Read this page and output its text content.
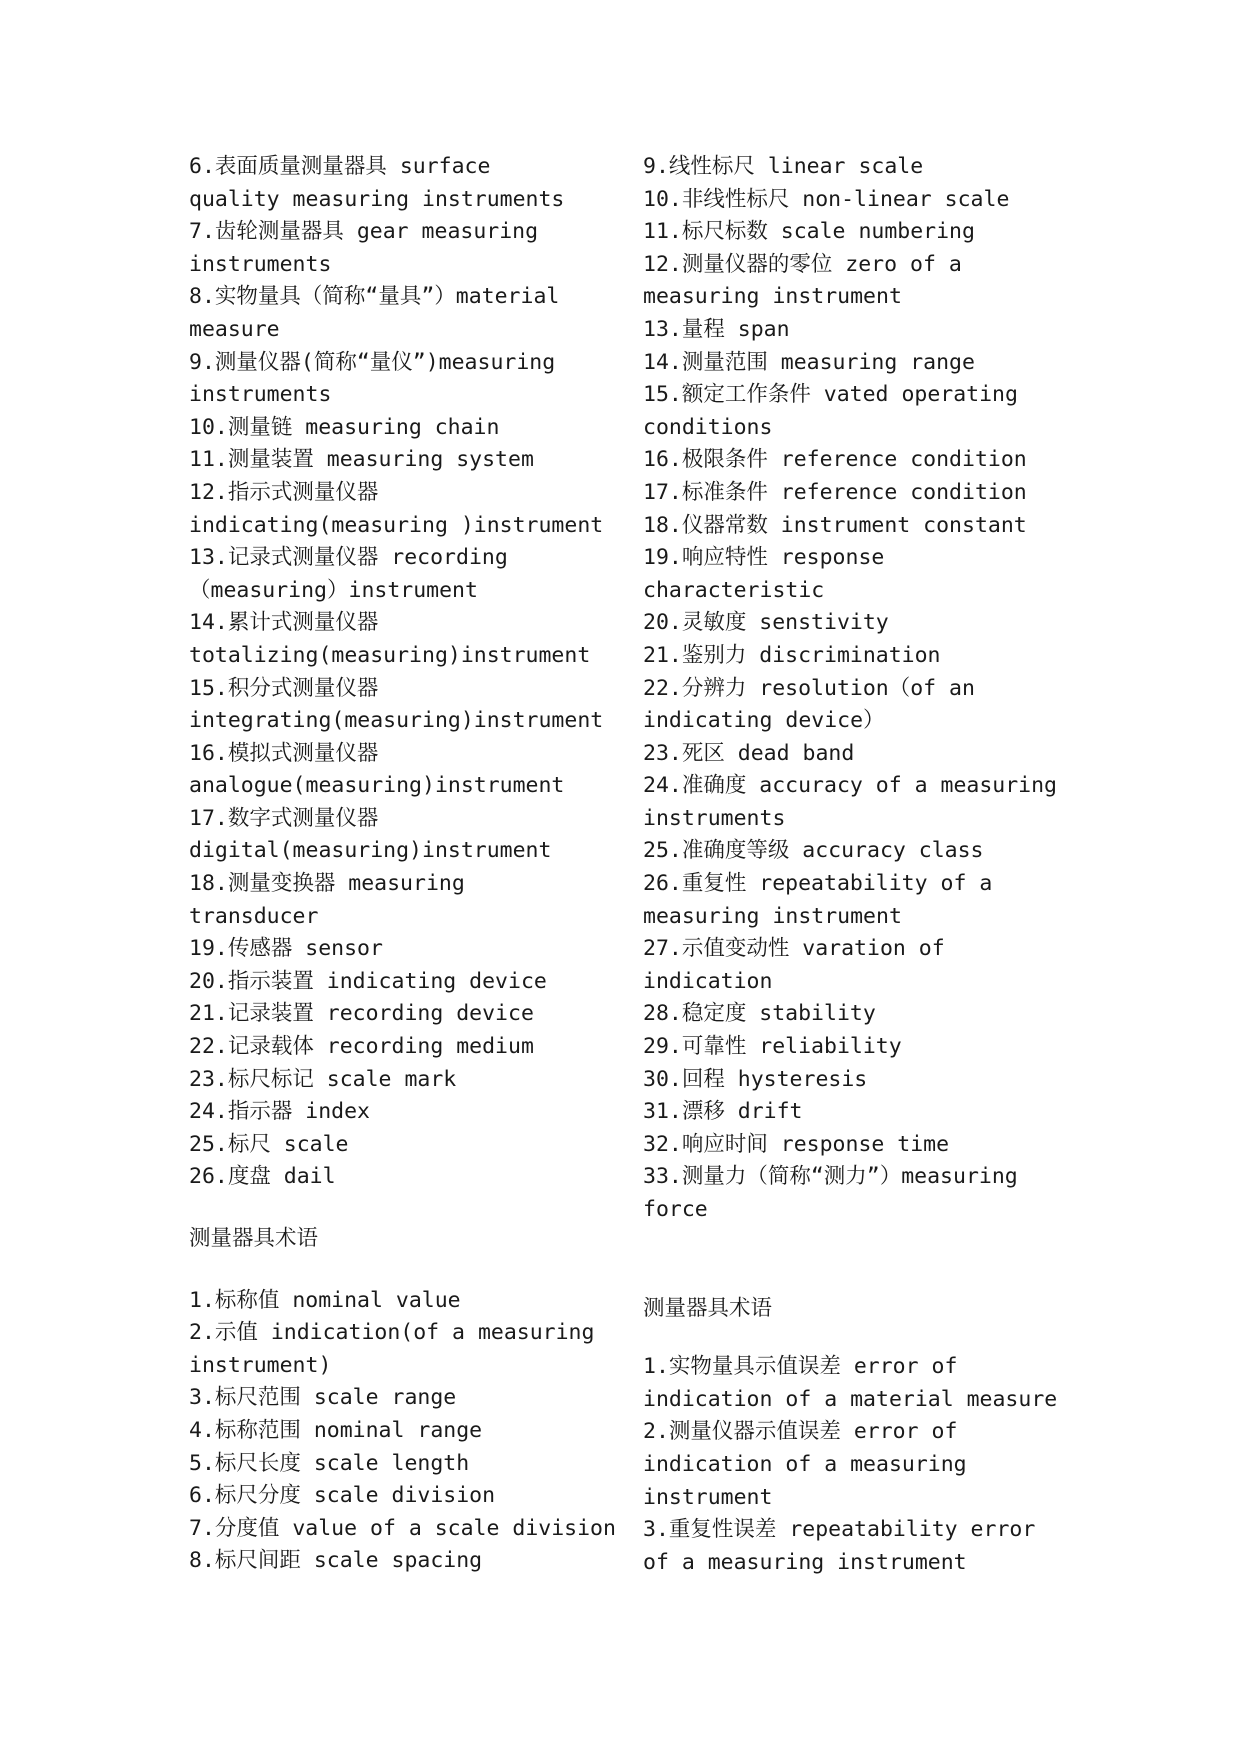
6.表面质量测量器具 surface
quality measuring instruments
7.齿轮测量器具 gear measuring
instruments
8.实物量具（简称“量具”）material
measure
9.测量仪器(简称“量仪”)measuring
instruments
10.测量链 measuring chain
11.测量装置 measuring system
12.指示式测量仪器
indicating(measuring )instrument
13.记录式测量仪器 recording
（measuring）instrument
14.累计式测量仪器
totalizing(measuring)instrument
15.积分式测量仪器
integrating(measuring)instrument
16.模拟式测量仪器
analogue(measuring)instrument
17.数字式测量仪器
digital(measuring)instrument
18.测量变换器 measuring
transducer
19.传感器 sensor
20.指示装置 indicating device
21.记录装置 recording device
22.记录载体 recording medium
23.标尺标记 scale mark
24.指示器 index
25.标尺 scale
26.度盘 dail
测量器具术语
1.标称值 nominal value
2.示值 indication(of a measuring
instrument)
3.标尺范围 scale range
4.标称范围 nominal range
5.标尺长度 scale length
6.标尺分度 scale division
7.分度值 value of a scale division
8.标尺间距 scale spacing
9.线性标尺 linear scale
10.非线性标尺 non-linear scale
11.标尺标数 scale numbering
12.测量仪器的零位 zero of a
measuring instrument
13.量程 span
14.测量范围 measuring range
15.额定工作条件 vated operating
conditions
16.极限条件 reference condition
17.标准条件 reference condition
18.仪器常数 instrument constant
19.响应特性 response
characteristic
20.灵敏度 senstivity
21.鉴别力 discrimination
22.分辨力 resolution（of an
indicating device）
23.死区 dead band
24.准确度 accuracy of a measuring
instruments
25.准确度等级 accuracy class
26.重复性 repeatability of a
measuring instrument
27.示值变动性 varation of
indication
28.稳定度 stability
29.可靠性 reliability
30.回程 hysteresis
31.漂移 drift
32.响应时间 response time
33.测量力（简称“测力”）measuring
force
测量器具术语
1.实物量具示值误差 error of
indication of a material measure
2.测量仪器示值误差 error of
indication of a measuring
instrument
3.重复性误差 repeatability error
of a measuring instrument
